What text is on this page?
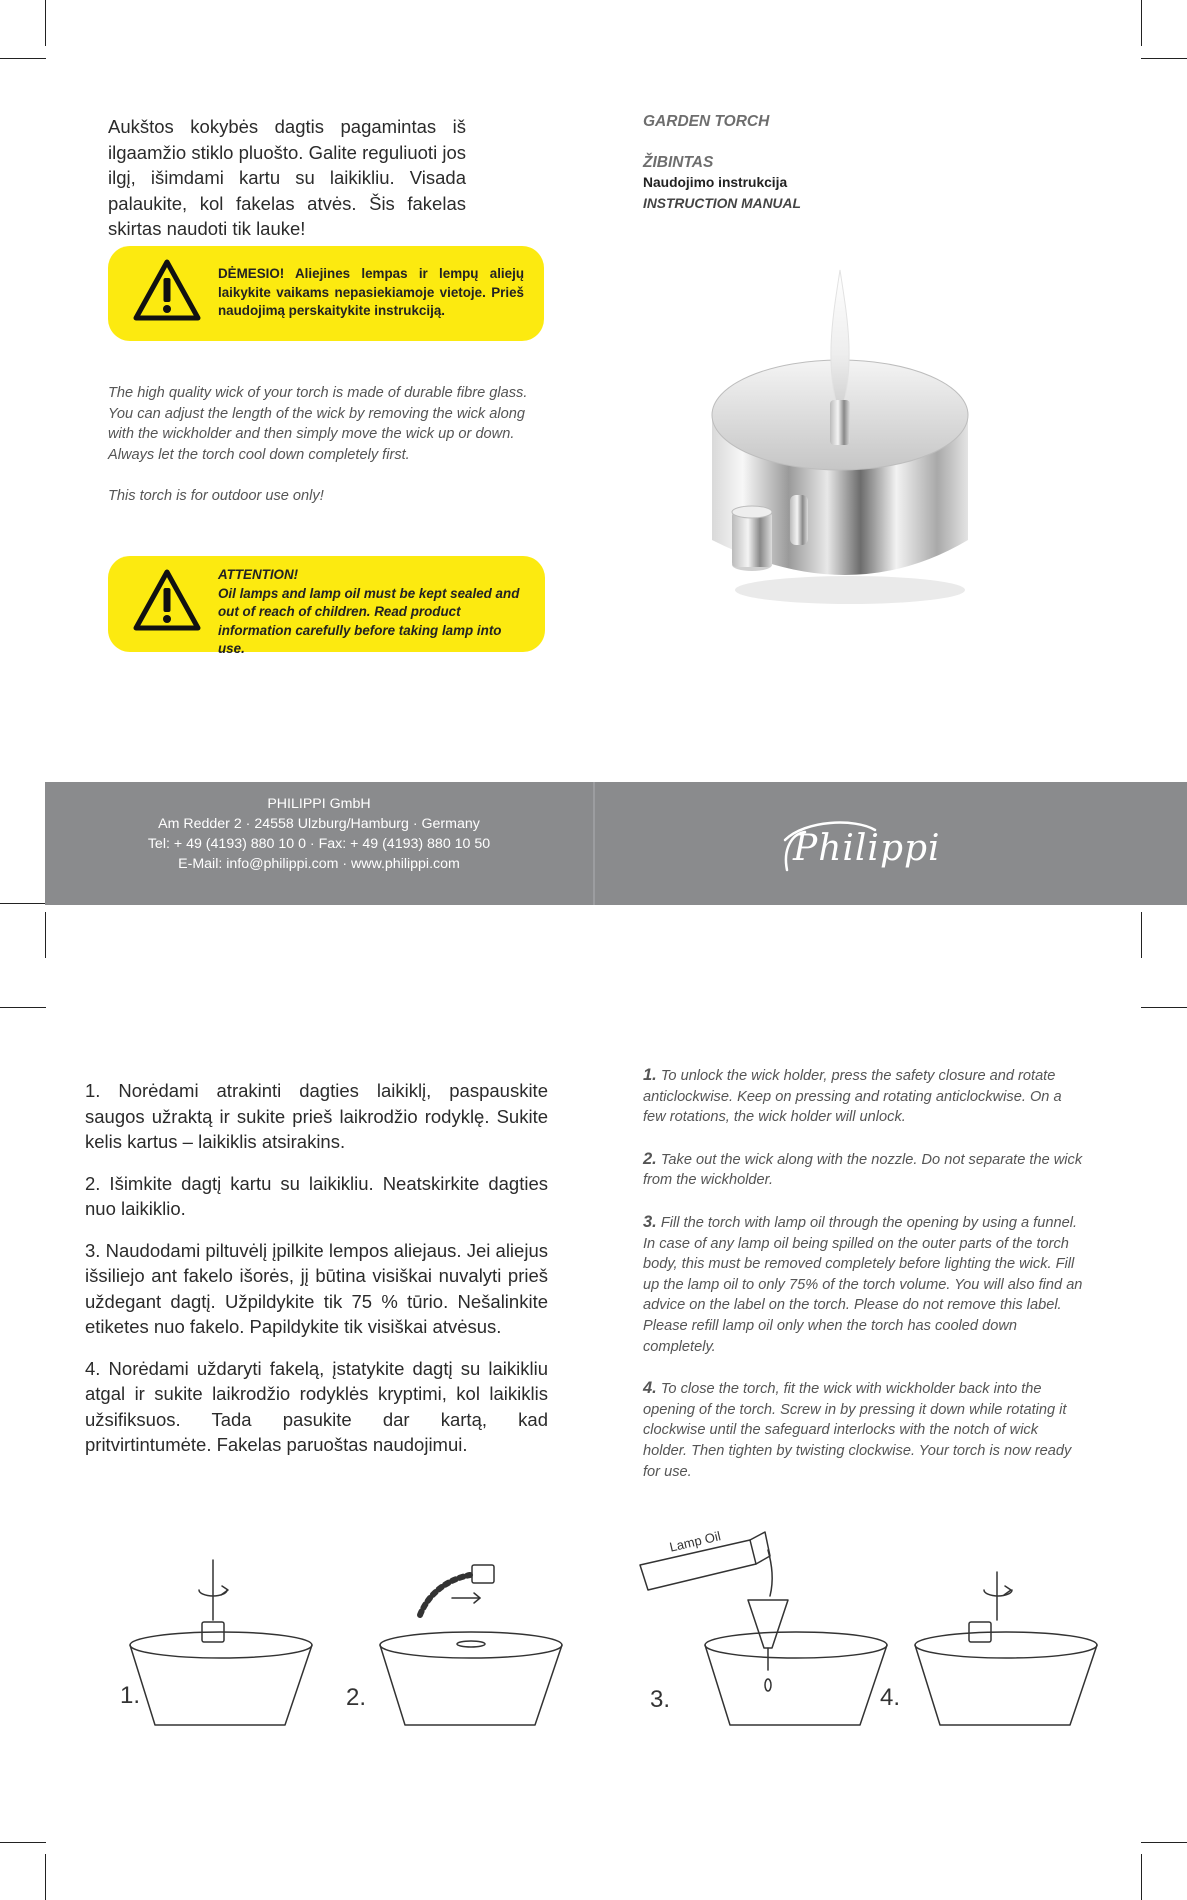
GARDEN TORCH
ŽIBINTAS
Naudojimo instrukcija
INSTRUCTION MANUAL

Aukštos kokybės dagtis pagamintas iš ilgaamžio stiklo pluošto. Galite reguliuoti jos ilgį, išimdami kartu su laikikliu. Visada palaukite, kol fakelas atvės. Šis fakelas skirtas naudoti tik lauke!

DĖMESIO! Aliejines lempas ir lempų aliejų laikykite vaikams nepasiekiamoje vietoje. Prieš naudojimą perskaitykite instrukciją.

The high quality wick of your torch is made of durable fibre glass. You can adjust the length of the wick by removing the wick along with the wickholder and then simply move the wick up or down. Always let the torch cool down completely first.

This torch is for outdoor use only!

ATTENTION!
Oil lamps and lamp oil must be kept sealed and out of reach of children. Read product information carefully before taking lamp into use.
PHILIPPI GmbH
Am Redder 2 · 24558 Ulzburg/Hamburg · Germany
Tel: + 49 (4193) 880 10 0 · Fax: + 49 (4193) 880 10 50
E-Mail: info@philippi.com · www.philippi.com	Philippi

1. Norėdami atrakinti dagties laikiklį, paspauskite saugos užraktą ir sukite prieš laikrodžio rodyklę. Sukite kelis kartus – laikiklis atsirakins.

2. Išimkite dagtį kartu su laikikliu. Neatskirkite dagties nuo laikiklio.

3. Naudodami piltuvėlį įpilkite lempos aliejaus. Jei aliejus išsiliejo ant fakelo išorės, jį būtina visiškai nuvalyti prieš uždegant dagtį. Užpildykite tik 75 % tūrio. Nešalinkite etiketes nuo fakelo. Papildykite tik visiškai atvėsus.

4. Norėdami uždaryti fakelą, įstatykite dagtį su laikikliu atgal ir sukite laikrodžio rodyklės kryptimi, kol laikiklis užsifiksuos. Tada pasukite dar kartą, kad pritvirtintumėte. Fakelas paruoštas naudojimui.

1. To unlock the wick holder, press the safety closure and rotate anticlockwise. Keep on pressing and rotating anticlockwise. On a few rotations, the wick holder will unlock.

2. Take out the wick along with the nozzle. Do not separate the wick from the wickholder.

3. Fill the torch with lamp oil through the opening by using a funnel. In case of any lamp oil being spilled on the outer parts of the torch body, this must be removed completely before lighting the wick. Fill up the lamp oil to only 75% of the torch volume. You will also find an advice on the label on the torch. Please do not remove this label. Please refill lamp oil only when the torch has cooled down completely.

4. To close the torch, fit the wick with wickholder back into the opening of the torch. Screw in by pressing it down while rotating it clockwise until the safeguard interlocks with the notch of wick holder. Then tighten by twisting clockwise. Your torch is now ready for use.

Lamp Oil
1.	2.	3.	4.
